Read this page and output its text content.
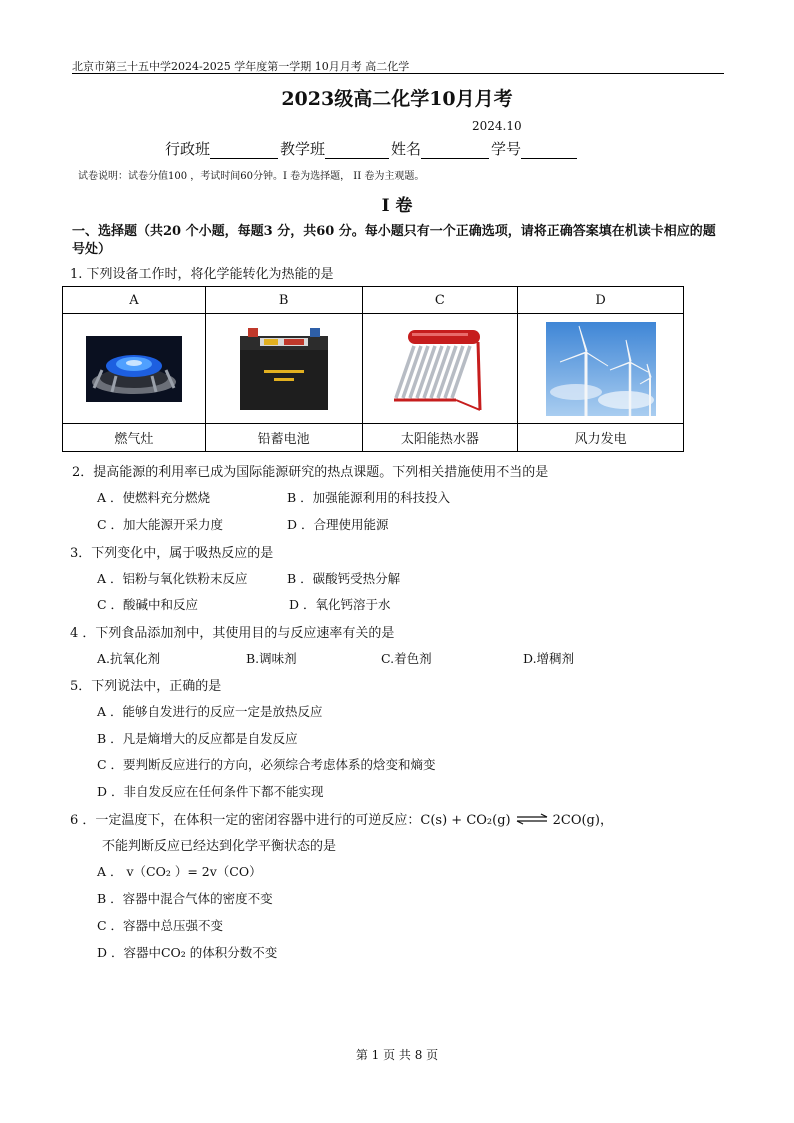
北京市第三十五中学2024-2025 学年度第一学期 10月月考 高二化学
2023级高二化学10月月考
2024.10
行政班	教学班	姓名	学号
试卷说明：试卷分值100 ，考试时间60分钟。I 卷为选择题， II 卷为主观题。
I 卷
一、选择题（共20 个小题，每题3 分，共60 分。每小题只有一个正确选项，请将正确答案填在机读卡相应的题号处）
1. 下列设备工作时，将化学能转化为热能的是
A	B	C	D

燃气灶	铅蓄电池	太阳能热水器	风力发电
2．提高能源的利用率已成为国际能源研究的热点课题。下列相关措施使用不当的是
A ．使燃料充分燃烧	B ．加强能源利用的科技投入
C ．加大能源开采力度	D ．合理使用能源
3．下列变化中，属于吸热反应的是
A ．铝粉与氧化铁粉末反应	B ．碳酸钙受热分解
C ．酸碱中和反应	D ．氧化钙溶于水
4 ．下列食品添加剂中，其使用目的与反应速率有关的是
A.抗氧化剂	B.调味剂	C.着色剂	D.增稠剂
5．下列说法中，正确的是
A ．能够自发进行的反应一定是放热反应
B ．凡是熵增大的反应都是自发反应
C ．要判断反应进行的方向，必须综合考虑体系的焓变和熵变
D ．非自发反应在任何条件下都不能实现
6 ．一定温度下，在体积一定的密闭容器中进行的可逆反应：C(s) + CO₂(g) ⇌ 2CO(g)，
不能判断反应已经达到化学平衡状态的是
A ． v（CO₂ ）= 2v（CO）
B ．容器中混合气体的密度不变
C ．容器中总压强不变
D ．容器中CO₂ 的体积分数不变
第 1 页 共 8 页
